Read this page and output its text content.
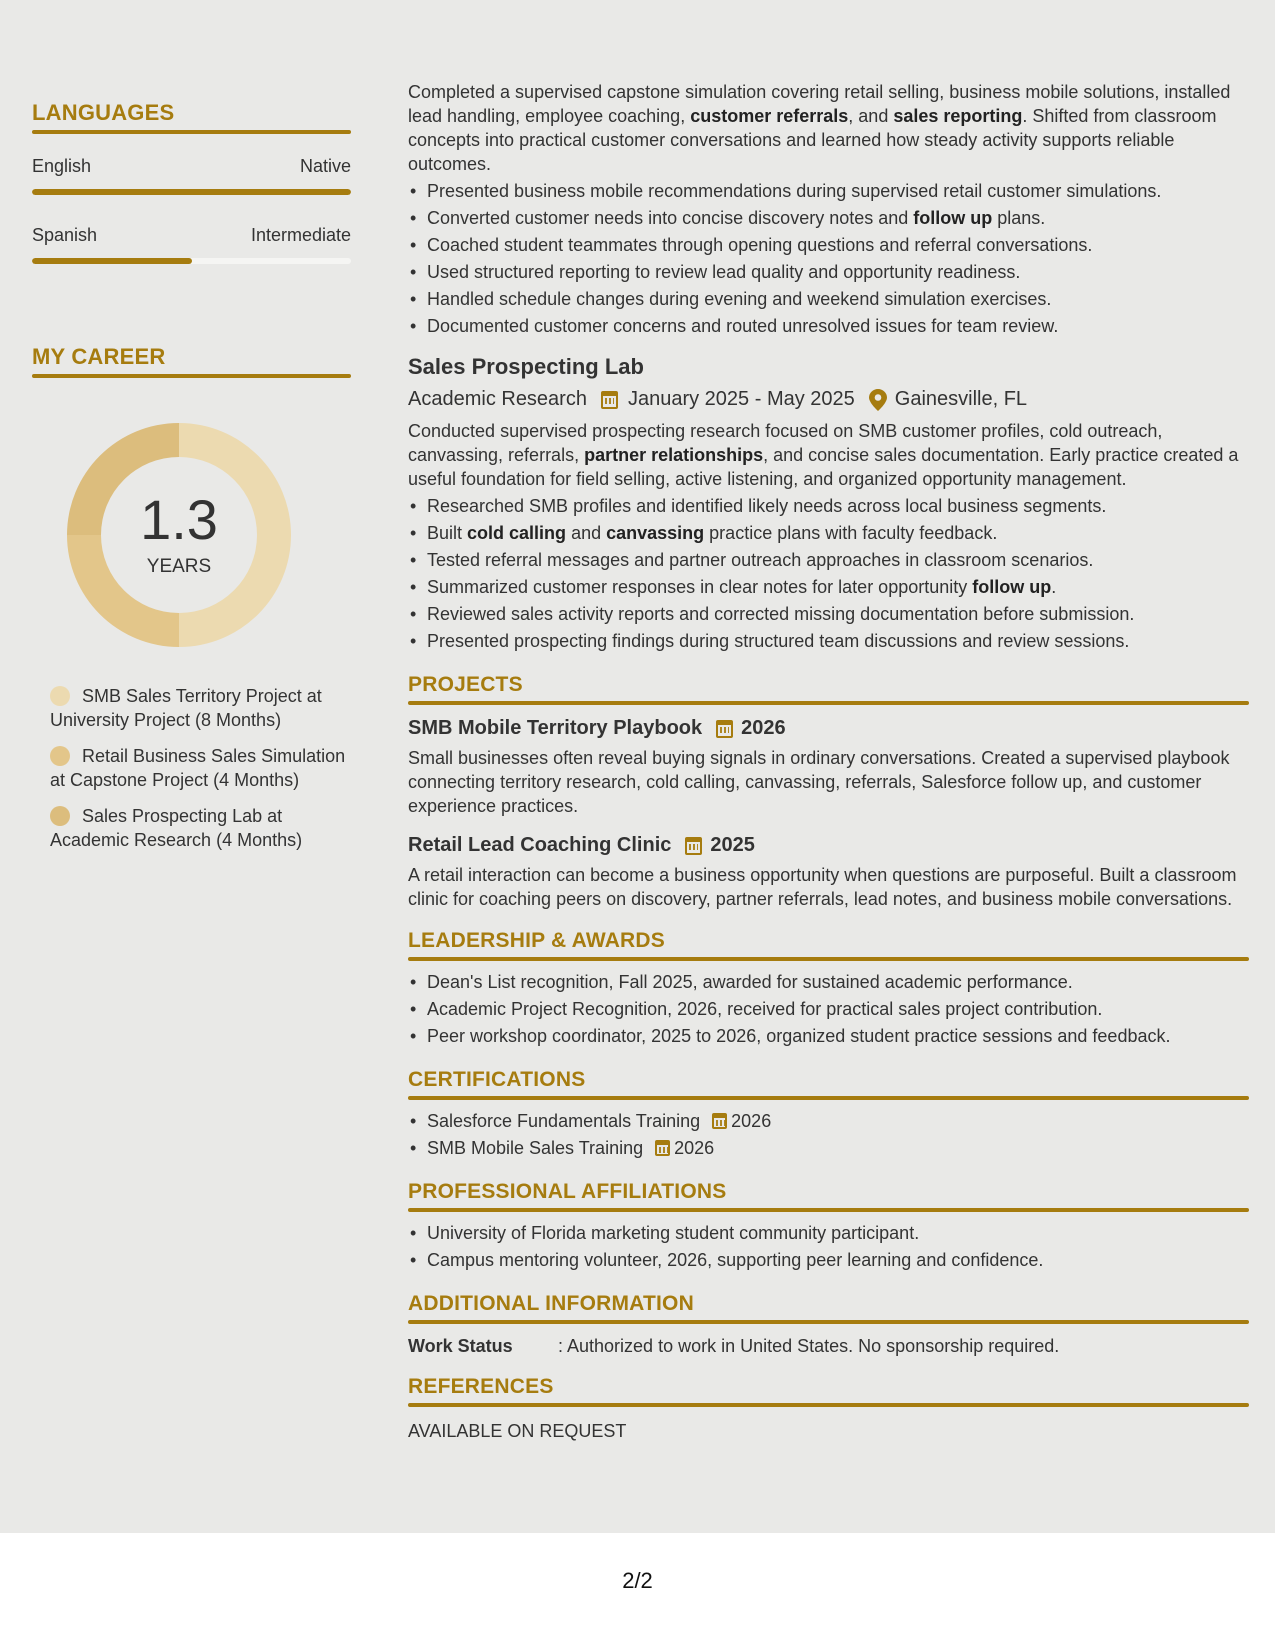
LANGUAGES
English	Native
Spanish	Intermediate
MY CAREER
1.3
YEARS
SMB Sales Territory Project at University Project (8 Months)
Retail Business Sales Simulation at Capstone Project (4 Months)
Sales Prospecting Lab at Academic Research (4 Months)
Completed a supervised capstone simulation covering retail selling, business mobile solutions, installed lead handling, employee coaching, customer referrals, and sales reporting. Shifted from classroom concepts into practical customer conversations and learned how steady activity supports reliable outcomes.
• Presented business mobile recommendations during supervised retail customer simulations.
• Converted customer needs into concise discovery notes and follow up plans.
• Coached student teammates through opening questions and referral conversations.
• Used structured reporting to review lead quality and opportunity readiness.
• Handled schedule changes during evening and weekend simulation exercises.
• Documented customer concerns and routed unresolved issues for team review.
Sales Prospecting Lab
Academic Research January 2025 - May 2025 Gainesville, FL
Conducted supervised prospecting research focused on SMB customer profiles, cold outreach, canvassing, referrals, partner relationships, and concise sales documentation. Early practice created a useful foundation for field selling, active listening, and organized opportunity management.
• Researched SMB profiles and identified likely needs across local business segments.
• Built cold calling and canvassing practice plans with faculty feedback.
• Tested referral messages and partner outreach approaches in classroom scenarios.
• Summarized customer responses in clear notes for later opportunity follow up.
• Reviewed sales activity reports and corrected missing documentation before submission.
• Presented prospecting findings during structured team discussions and review sessions.
PROJECTS
SMB Mobile Territory Playbook 2026
Small businesses often reveal buying signals in ordinary conversations. Created a supervised playbook connecting territory research, cold calling, canvassing, referrals, Salesforce follow up, and customer experience practices.
Retail Lead Coaching Clinic 2025
A retail interaction can become a business opportunity when questions are purposeful. Built a classroom clinic for coaching peers on discovery, partner referrals, lead notes, and business mobile conversations.
LEADERSHIP & AWARDS
• Dean's List recognition, Fall 2025, awarded for sustained academic performance.
• Academic Project Recognition, 2026, received for practical sales project contribution.
• Peer workshop coordinator, 2025 to 2026, organized student practice sessions and feedback.
CERTIFICATIONS
• Salesforce Fundamentals Training 2026
• SMB Mobile Sales Training 2026
PROFESSIONAL AFFILIATIONS
• University of Florida marketing student community participant.
• Campus mentoring volunteer, 2026, supporting peer learning and confidence.
ADDITIONAL INFORMATION
Work Status	: Authorized to work in United States. No sponsorship required.
REFERENCES
AVAILABLE ON REQUEST
2/2
